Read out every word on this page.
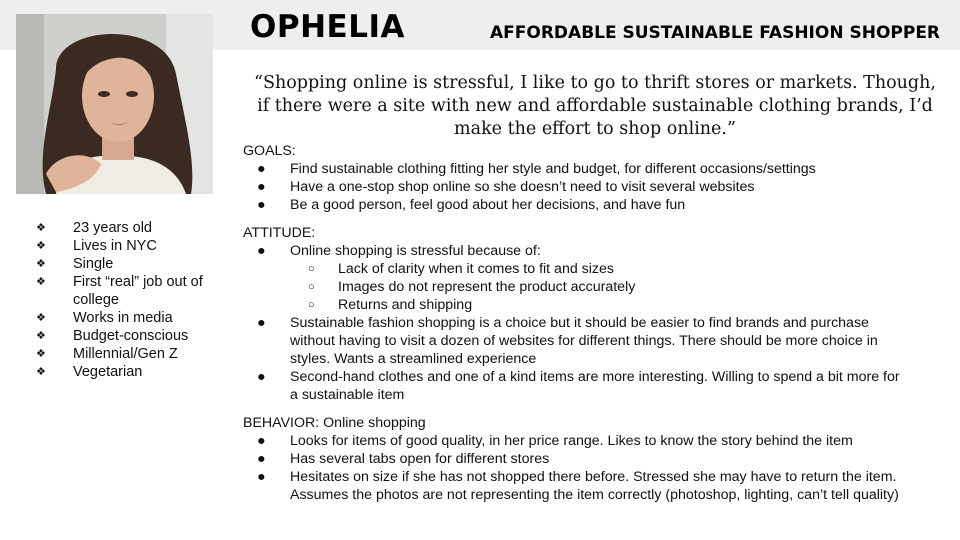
OPHELIA	AFFORDABLE SUSTAINABLE FASHION SHOPPER
“Shopping online is stressful, I like to go to thrift stores or markets. Though, if there were a site with new and affordable sustainable clothing brands, I’d make the effort to shop online.”
❖ 23 years old
❖ Lives in NYC
❖ Single
❖ First “real” job out of college
❖ Works in media
❖ Budget-conscious
❖ Millennial/Gen Z
❖ Vegetarian
GOALS:
● Find sustainable clothing fitting her style and budget, for different occasions/settings
● Have a one-stop shop online so she doesn’t need to visit several websites
● Be a good person, feel good about her decisions, and have fun
ATTITUDE:
● Online shopping is stressful because of:
○ Lack of clarity when it comes to fit and sizes
○ Images do not represent the product accurately
○ Returns and shipping
● Sustainable fashion shopping is a choice but it should be easier to find brands and purchase without having to visit a dozen of websites for different things. There should be more choice in styles. Wants a streamlined experience
● Second-hand clothes and one of a kind items are more interesting. Willing to spend a bit more for a sustainable item
BEHAVIOR: Online shopping
● Looks for items of good quality, in her price range. Likes to know the story behind the item
● Has several tabs open for different stores
● Hesitates on size if she has not shopped there before. Stressed she may have to return the item. Assumes the photos are not representing the item correctly (photoshop, lighting, can’t tell quality)
